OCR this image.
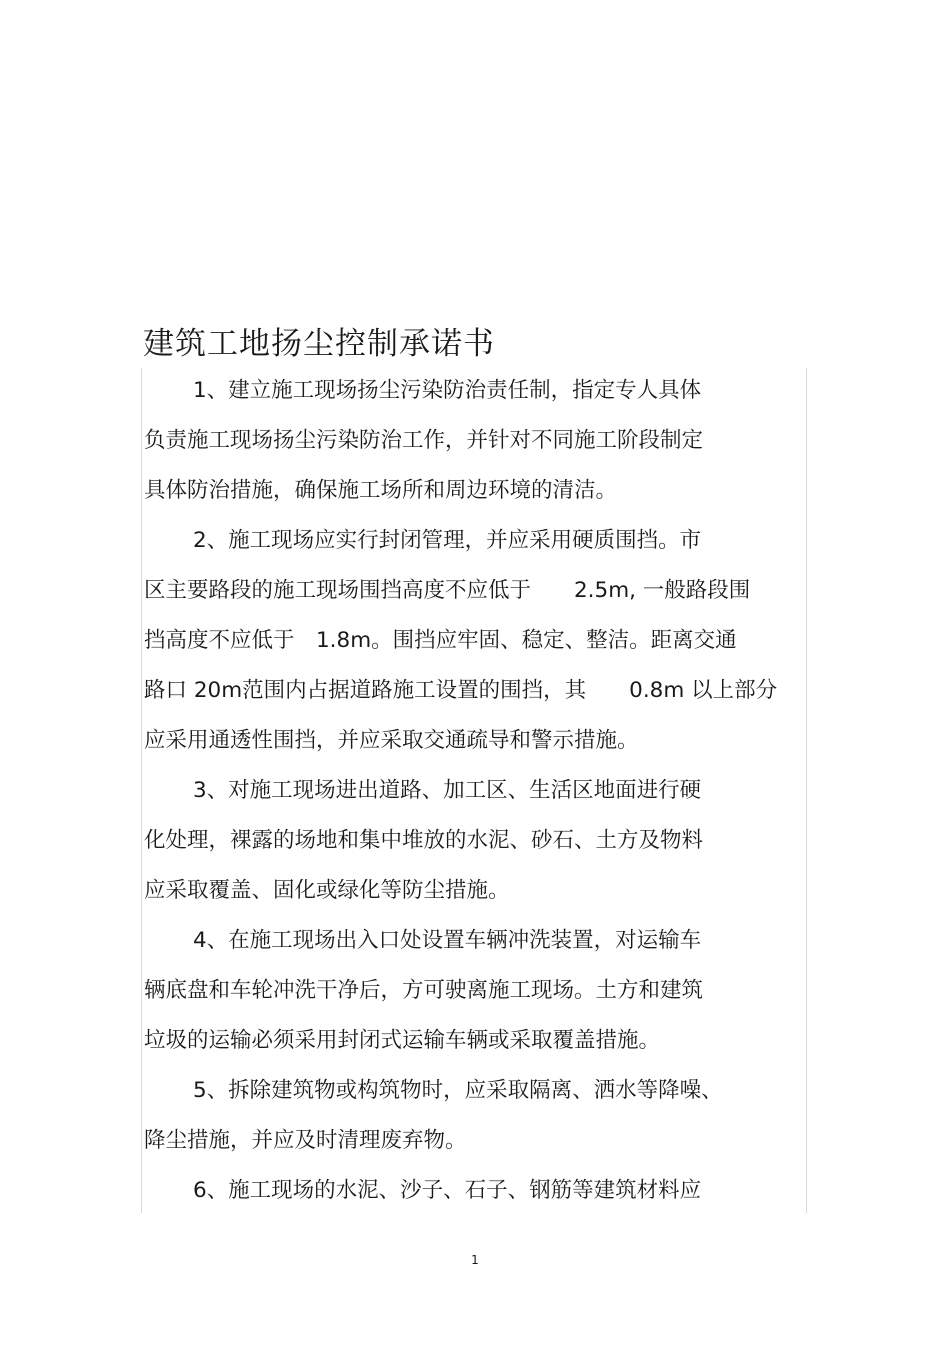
建筑工地扬尘控制承诺书
1、建立施工现场扬尘污染防治责任制，指定专人具体
负责施工现场扬尘污染防治工作，并针对不同施工阶段制定
具体防治措施，确保施工场所和周边环境的清洁。
2、施工现场应实行封闭管理，并应采用硬质围挡。市
区主要路段的施工现场围挡高度不应低于　　2.5m, 一般路段围
挡高度不应低于　1.8m。围挡应牢固、稳定、整洁。距离交通
路口 20m范围内占据道路施工设置的围挡，其　　0.8m 以上部分
应采用通透性围挡，并应采取交通疏导和警示措施。
3、对施工现场进出道路、加工区、生活区地面进行硬
化处理，裸露的场地和集中堆放的水泥、砂石、土方及物料
应采取覆盖、固化或绿化等防尘措施。
4、在施工现场出入口处设置车辆冲洗装置，对运输车
辆底盘和车轮冲洗干净后，方可驶离施工现场。土方和建筑
垃圾的运输必须采用封闭式运输车辆或采取覆盖措施。
5、拆除建筑物或构筑物时，应采取隔离、洒水等降噪、
降尘措施，并应及时清理废弃物。
6、施工现场的水泥、沙子、石子、钢筋等建筑材料应
1
